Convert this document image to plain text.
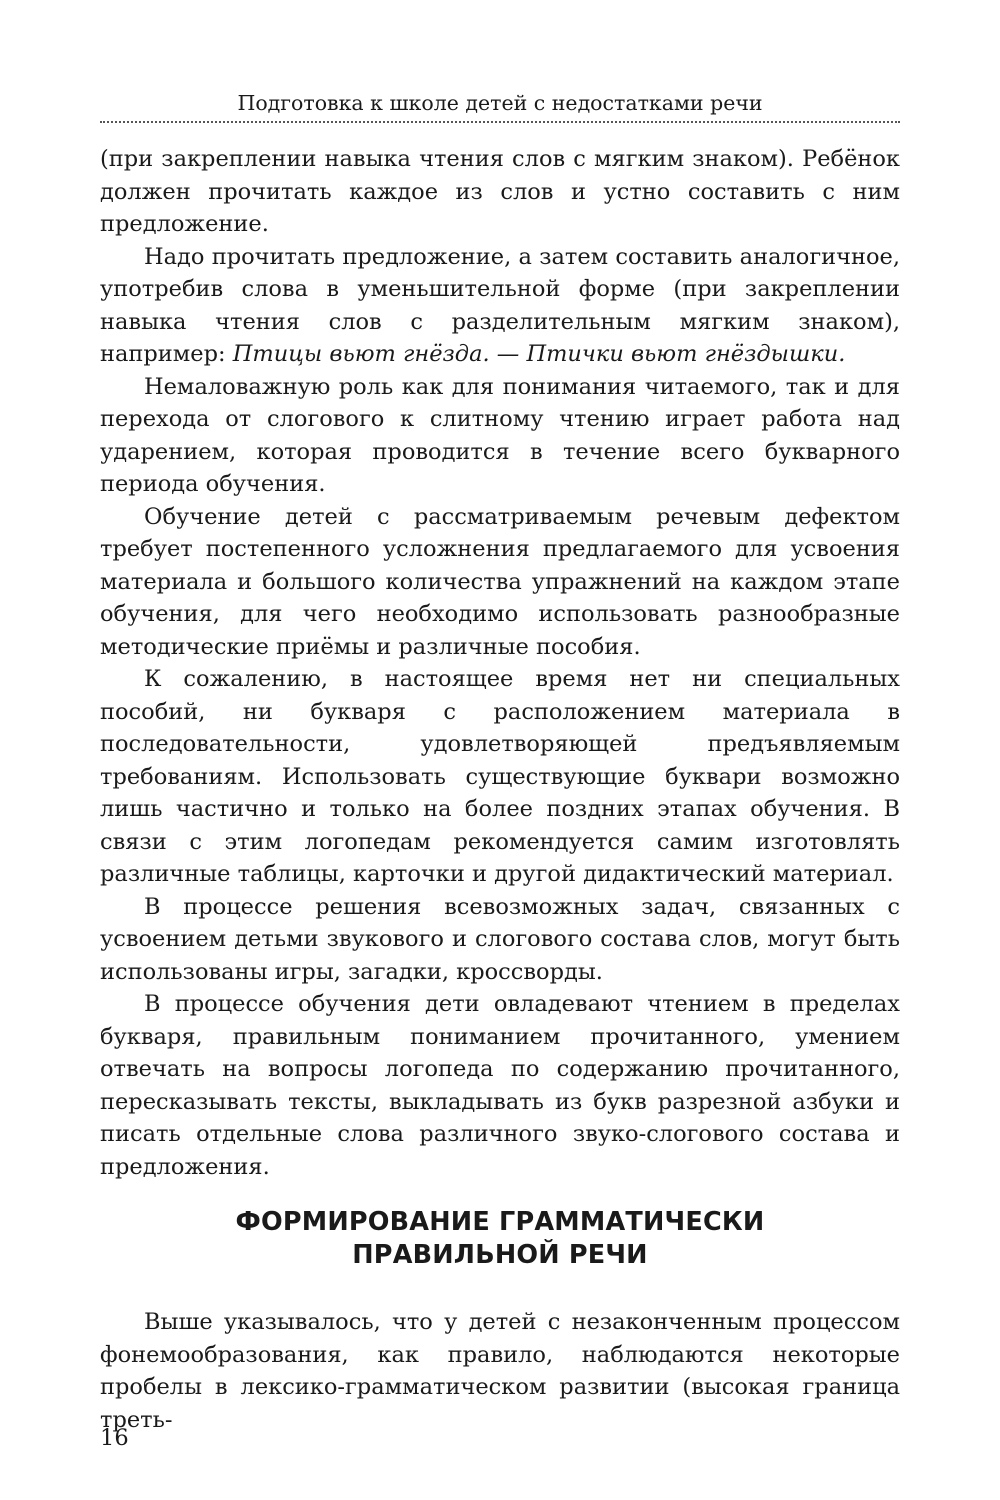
Подготовка к школе детей с недостатками речи

(при закреплении навыка чтения слов с мягким знаком). Ребёнок должен прочитать каждое из слов и устно составить с ним предложение.

Надо прочитать предложение, а затем составить аналогичное, употребив слова в уменьшительной форме (при закреплении навыка чтения слов с разделительным мягким знаком), например: Птицы вьют гнёзда. — Птички вьют гнёздышки.

Немаловажную роль как для понимания читаемого, так и для перехода от слогового к слитному чтению играет работа над ударением, которая проводится в течение всего букварного периода обучения.

Обучение детей с рассматриваемым речевым дефектом требует постепенного усложнения предлагаемого для усвоения материала и большого количества упражнений на каждом этапе обучения, для чего необходимо использовать разнообразные методические приёмы и различные пособия.

К сожалению, в настоящее время нет ни специальных пособий, ни букваря с расположением материала в последовательности, удовлетворяющей предъявляемым требованиям. Использовать существующие буквари возможно лишь частично и только на более поздних этапах обучения. В связи с этим логопедам рекомендуется самим изготовлять различные таблицы, карточки и другой дидактический материал.

В процессе решения всевозможных задач, связанных с усвоением детьми звукового и слогового состава слов, могут быть использованы игры, загадки, кроссворды.

В процессе обучения дети овладевают чтением в пределах букваря, правильным пониманием прочитанного, умением отвечать на вопросы логопеда по содержанию прочитанного, пересказывать тексты, выкладывать из букв разрезной азбуки и писать отдельные слова различного звуко-слогового состава и предложения.

ФОРМИРОВАНИЕ ГРАММАТИЧЕСКИ
ПРАВИЛЬНОЙ РЕЧИ

Выше указывалось, что у детей с незаконченным процессом фонемообразования, как правило, наблюдаются некоторые пробелы в лексико-грамматическом развитии (высокая граница треть-

16
